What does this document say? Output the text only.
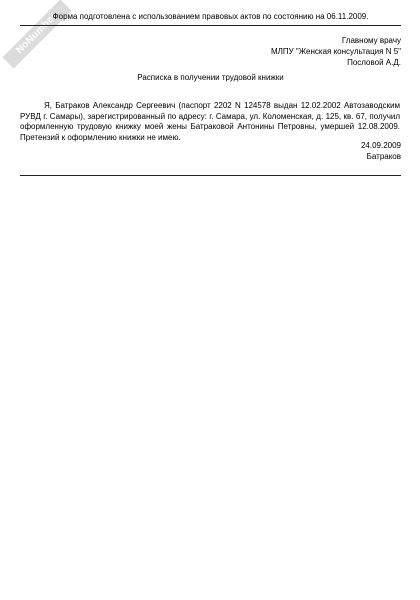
NoNumber
Форма подготовлена с использованием правовых актов по состоянию на 06.11.2009.
Главному врачу
МЛПУ "Женская консультация N 5"
Пословой А.Д.
Расписка в получении трудовой книжки

Я, Батраков Александр Сергеевич (паспорт 2202 N 124578 выдан 12.02.2002 Автозаводским РУВД г. Самары), зарегистрированный по адресу: г. Самара, ул. Коломенская, д. 125, кв. 67, получил оформленную трудовую книжку моей жены Батраковой Антонины Петровны, умершей 12.08.2009. Претензий к оформлению книжки не имею.

24.09.2009
Батраков
